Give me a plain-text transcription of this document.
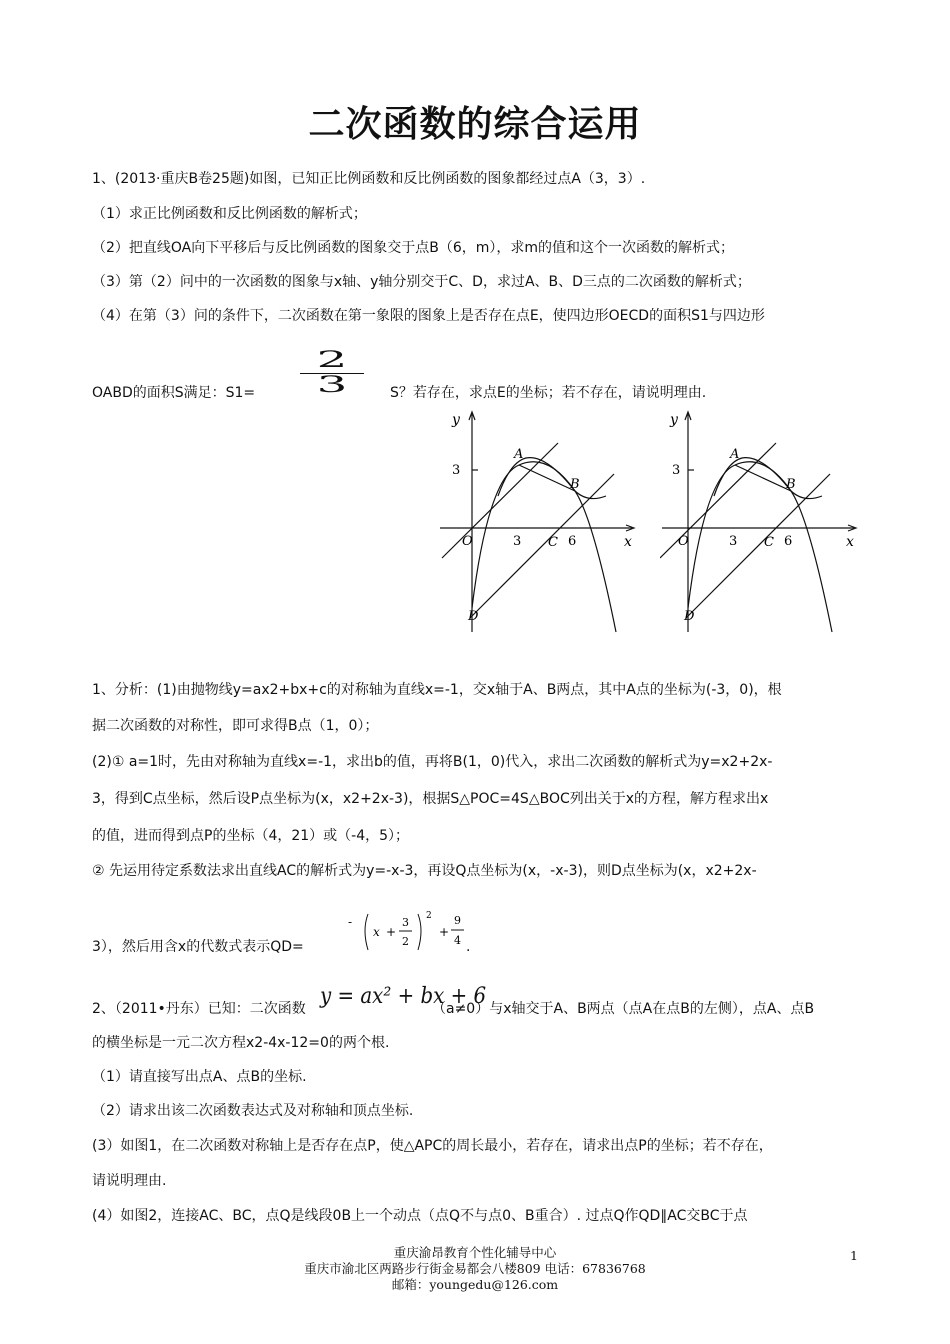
二次函数的综合运用
1、(2013·重庆B卷25题)如图，已知正比例函数和反比例函数的图象都经过点A（3，3）.
（1）求正比例函数和反比例函数的解析式；
（2）把直线OA向下平移后与反比例函数的图象交于点B（6，m），求m的值和这个一次函数的解析式；
（3）第（2）问中的一次函数的图象与x轴、y轴分别交于C、D，求过A、B、D三点的二次函数的解析式；
（4）在第（3）问的条件下，二次函数在第一象限的图象上是否存在点E，使四边形OECD的面积S1与四边形
OABD的面积S满足：S1=
2
3	S？若存在，求点E的坐标；若不存在，请说明理由.
y
x
3
O	3 C 6
A
B
D
y
x
3
O	3 C 6
A
B
D
1、分析：(1)由抛物线y=ax2+bx+c的对称轴为直线x=-1，交x轴于A、B两点，其中A点的坐标为(-3，0)，根
据二次函数的对称性，即可求得B点（1，0）；
(2)① a=1时，先由对称轴为直线x=-1，求出b的值，再将B(1，0)代入，求出二次函数的解析式为y=x2+2x-
3，得到C点坐标，然后设P点坐标为(x，x2+2x-3)，根据S△POC=4S△BOC列出关于x的方程，解方程求出x
的值，进而得到点P的坐标（4，21）或（-4，5）；
② 先运用待定系数法求出直线AC的解析式为y=-x-3，再设Q点坐标为(x，-x-3)，则D点坐标为(x，x2+2x-
3），然后用含x的代数式表示QD=
-
x +
3
2
2
+
9
4 .
2、（2011•丹东）已知：二次函数 y = ax² + bx + 6
（a≠0）与x轴交于A、B两点（点A在点B的左侧），点A、点B
的横坐标是一元二次方程x2-4x-12=0的两个根.
（1）请直接写出点A、点B的坐标.
（2）请求出该二次函数表达式及对称轴和顶点坐标.
(3）如图1，在二次函数对称轴上是否存在点P，使△APC的周长最小，若存在，请求出点P的坐标；若不存在，
请说明理由.
(4）如图2，连接AC、BC，点Q是线段0B上一个动点（点Q不与点0、B重合）. 过点Q作QD∥AC交BC于点
重庆渝昂教育个性化辅导中心
重庆市渝北区两路步行街金易都会八楼809 电话：67836768
邮箱：youngedu@126.com
1
